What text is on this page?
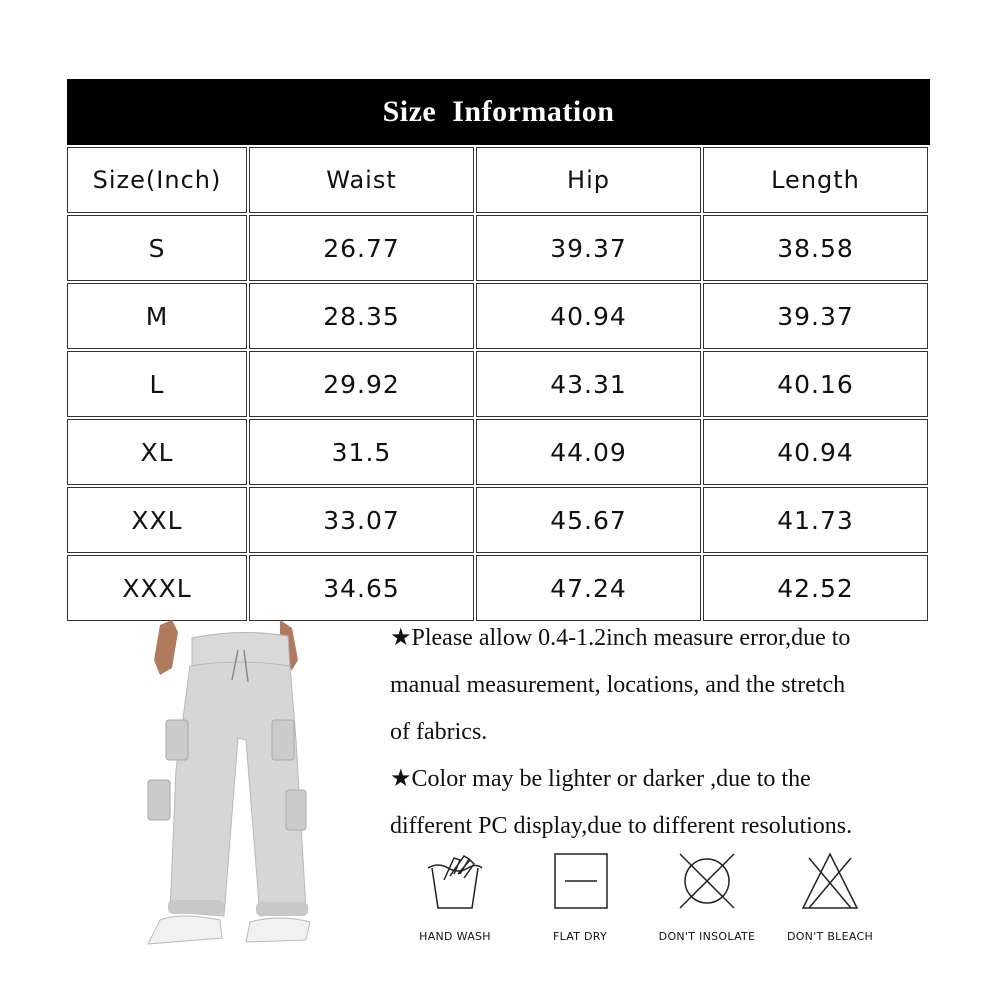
Size Information
Size(Inch)	Waist	Hip	Length
S	26.77	39.37	38.58
M	28.35	40.94	39.37
L	29.92	43.31	40.16
XL	31.5	44.09	40.94
XXL	33.07	45.67	41.73
XXXL	34.65	47.24	42.52

★Please allow 0.4-1.2inch measure error,due to

manual measurement, locations, and the stretch

of fabrics.

★Color may be lighter or darker ,due to the

different PC display,due to different resolutions.

HAND WASH	FLAT DRY	DON'T INSOLATE	DON'T BLEACH
